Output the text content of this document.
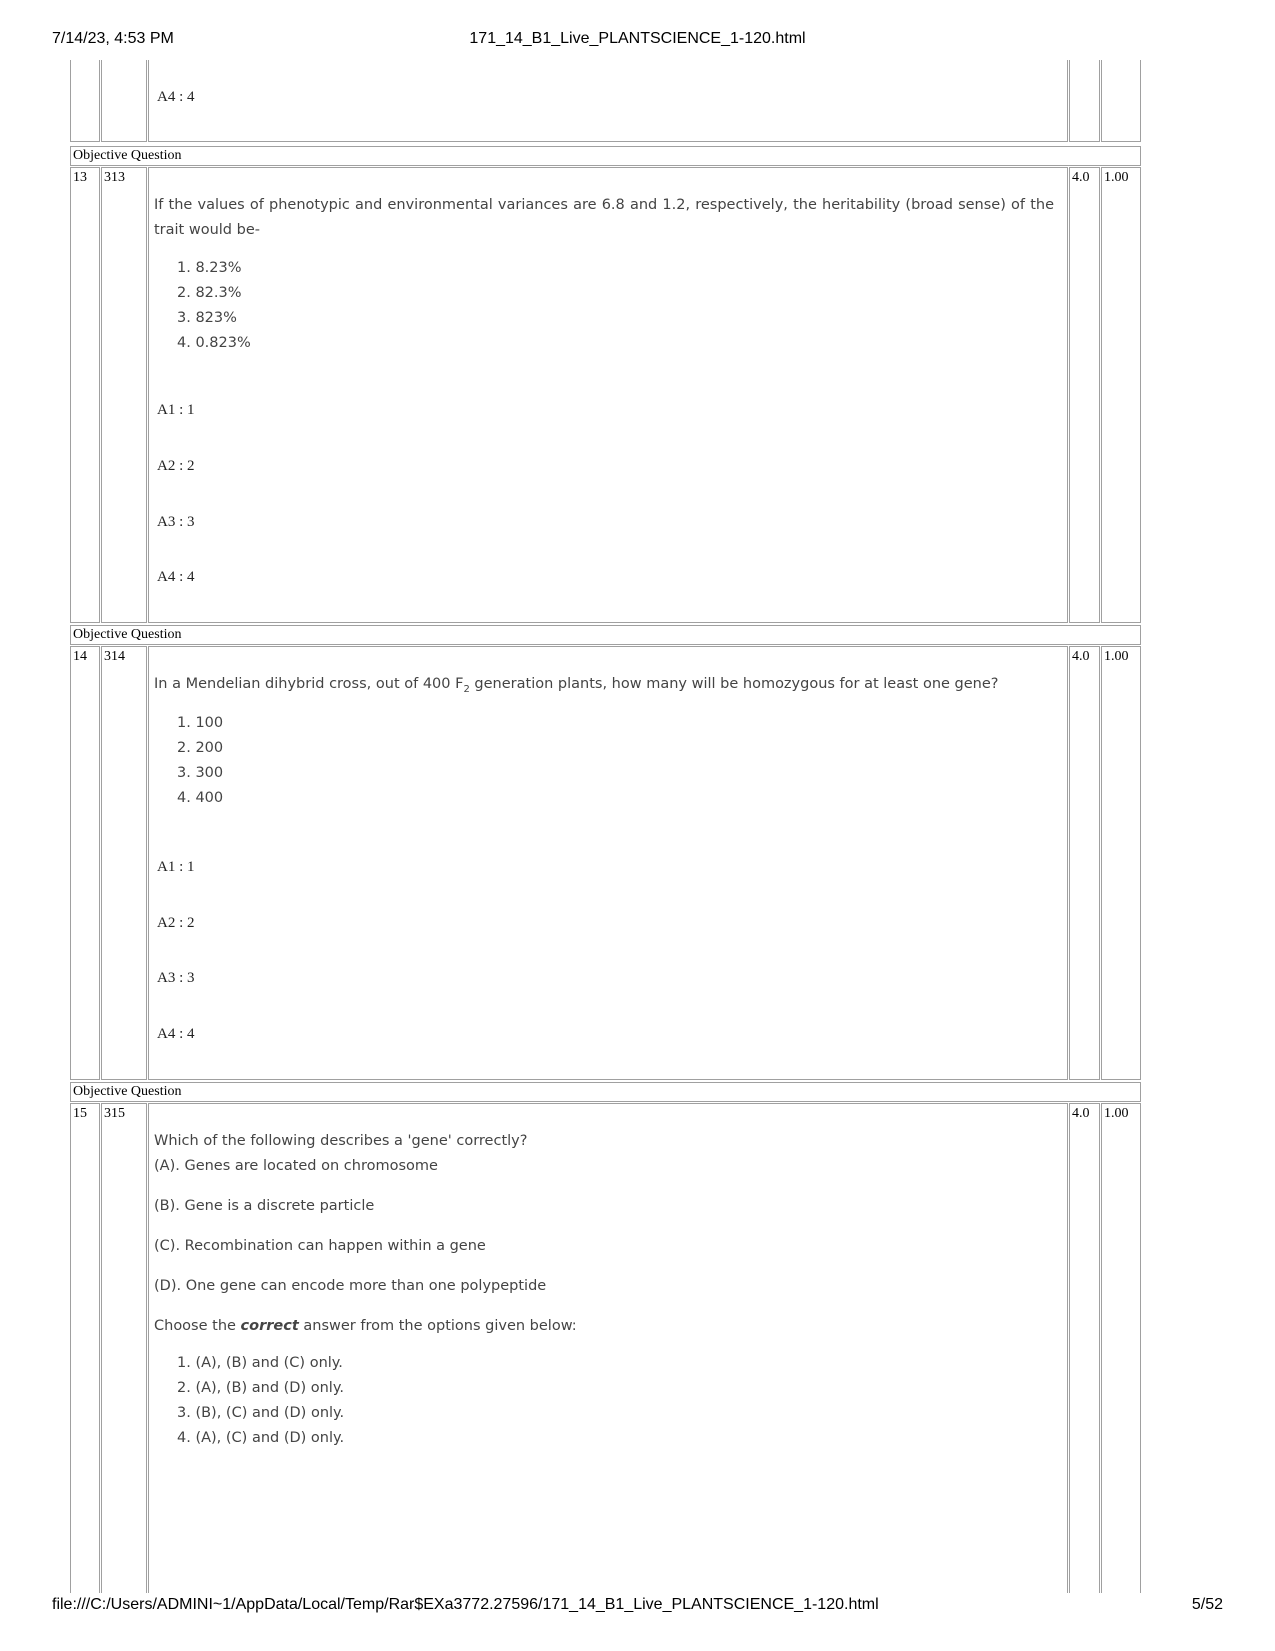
7/14/23, 4:53 PM	171_14_B1_Live_PLANTSCIENCE_1-120.html
A4 : 4
Objective Question
13 313
If the values of phenotypic and environmental variances are 6.8 and 1.2, respectively, the heritability (broad sense) of the trait would be-
1. 8.23%
2. 82.3%
3. 823%
4. 0.823%
A1 : 1
A2 : 2
A3 : 3
A4 : 4
4.0 1.00
Objective Question
14 314
In a Mendelian dihybrid cross, out of 400 $F_2$ generation plants, how many will be homozygous for at least one gene?
1. 100
2. 200
3. 300
4. 400
A1 : 1
A2 : 2
A3 : 3
A4 : 4
4.0 1.00
Objective Question
15 315
Which of the following describes a 'gene' correctly?
(A). Genes are located on chromosome
(B). Gene is a discrete particle
(C). Recombination can happen within a gene
(D). One gene can encode more than one polypeptide
Choose the correct answer from the options given below:
1. (A), (B) and (C) only.
2. (A), (B) and (D) only.
3. (B), (C) and (D) only.
4. (A), (C) and (D) only.
4.0 1.00
file:///C:/Users/ADMINI~1/AppData/Local/Temp/Rar$EXa3772.27596/171_14_B1_Live_PLANTSCIENCE_1-120.html	5/52
